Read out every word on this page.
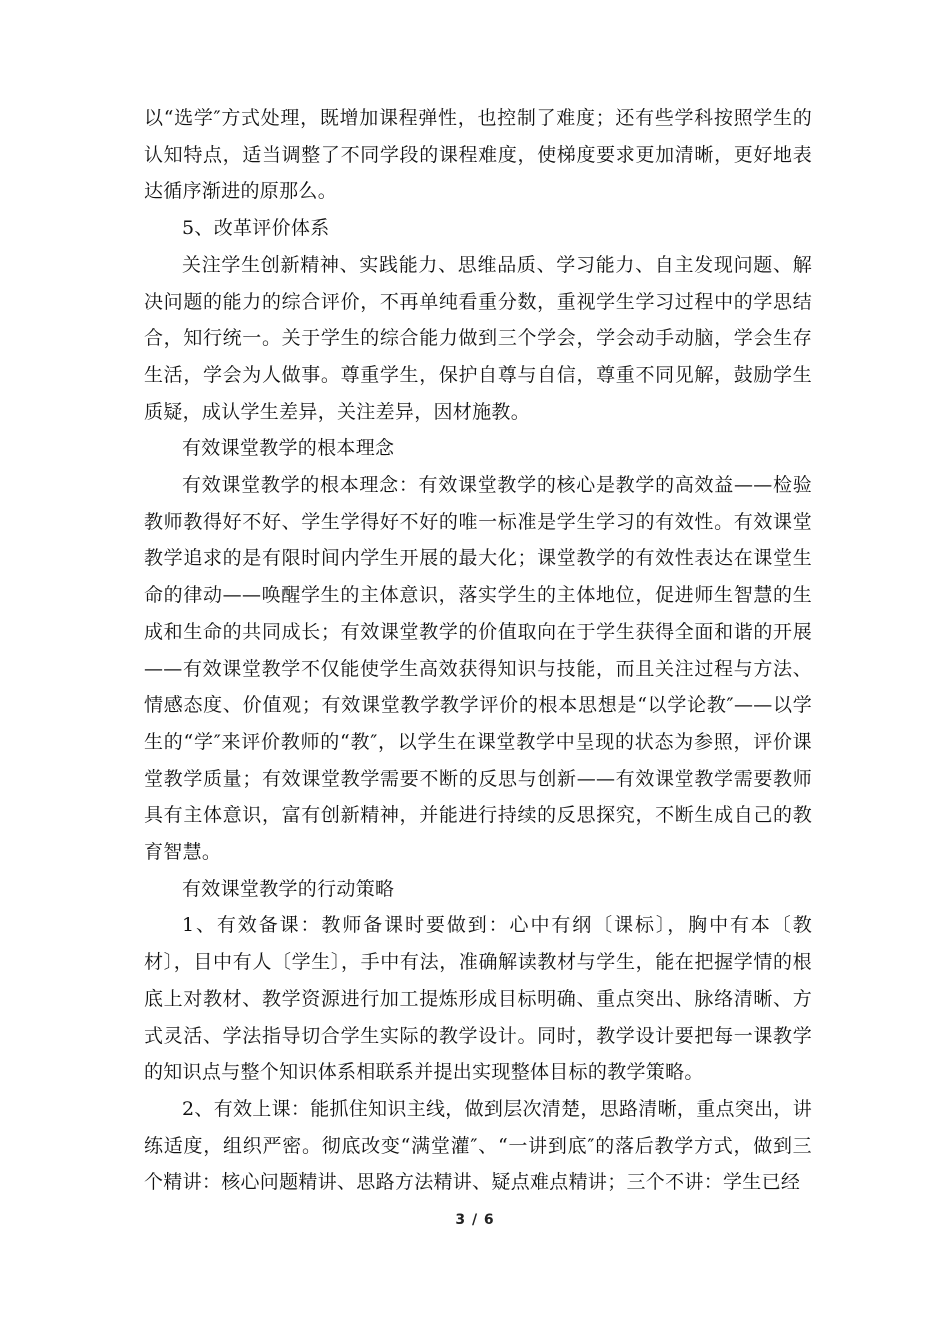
以“选学″方式处理，既增加课程弹性，也控制了难度；还有些学科按照学生的认知特点，适当调整了不同学段的课程难度，使梯度要求更加清晰，更好地表达循序渐进的原那么。

5、改革评价体系

关注学生创新精神、实践能力、思维品质、学习能力、自主发现问题、解决问题的能力的综合评价，不再单纯看重分数，重视学生学习过程中的学思结合，知行统一。关于学生的综合能力做到三个学会，学会动手动脑，学会生存生活，学会为人做事。尊重学生，保护自尊与自信，尊重不同见解，鼓励学生质疑，成认学生差异，关注差异，因材施教。

有效课堂教学的根本理念

有效课堂教学的根本理念：有效课堂教学的核心是教学的高效益——检验教师教得好不好、学生学得好不好的唯一标准是学生学习的有效性。有效课堂教学追求的是有限时间内学生开展的最大化；课堂教学的有效性表达在课堂生命的律动——唤醒学生的主体意识，落实学生的主体地位，促进师生智慧的生成和生命的共同成长；有效课堂教学的价值取向在于学生获得全面和谐的开展——有效课堂教学不仅能使学生高效获得知识与技能，而且关注过程与方法、情感态度、价值观；有效课堂教学教学评价的根本思想是“以学论教″——以学生的“学″来评价教师的“教″，以学生在课堂教学中呈现的状态为参照，评价课堂教学质量；有效课堂教学需要不断的反思与创新——有效课堂教学需要教师具有主体意识，富有创新精神，并能进行持续的反思探究，不断生成自己的教育智慧。

有效课堂教学的行动策略

1、有效备课：教师备课时要做到：心中有纲〔课标〕，胸中有本〔教材〕，目中有人〔学生〕，手中有法，准确解读教材与学生，能在把握学情的根底上对教材、教学资源进行加工提炼形成目标明确、重点突出、脉络清晰、方式灵活、学法指导切合学生实际的教学设计。同时，教学设计要把每一课教学的知识点与整个知识体系相联系并提出实现整体目标的教学策略。

2、有效上课：能抓住知识主线，做到层次清楚，思路清晰，重点突出，讲练适度，组织严密。彻底改变“满堂灌″、“一讲到底″的落后教学方式，做到三个精讲：核心问题精讲、思路方法精讲、疑点难点精讲；三个不讲：学生已经

3 / 6
